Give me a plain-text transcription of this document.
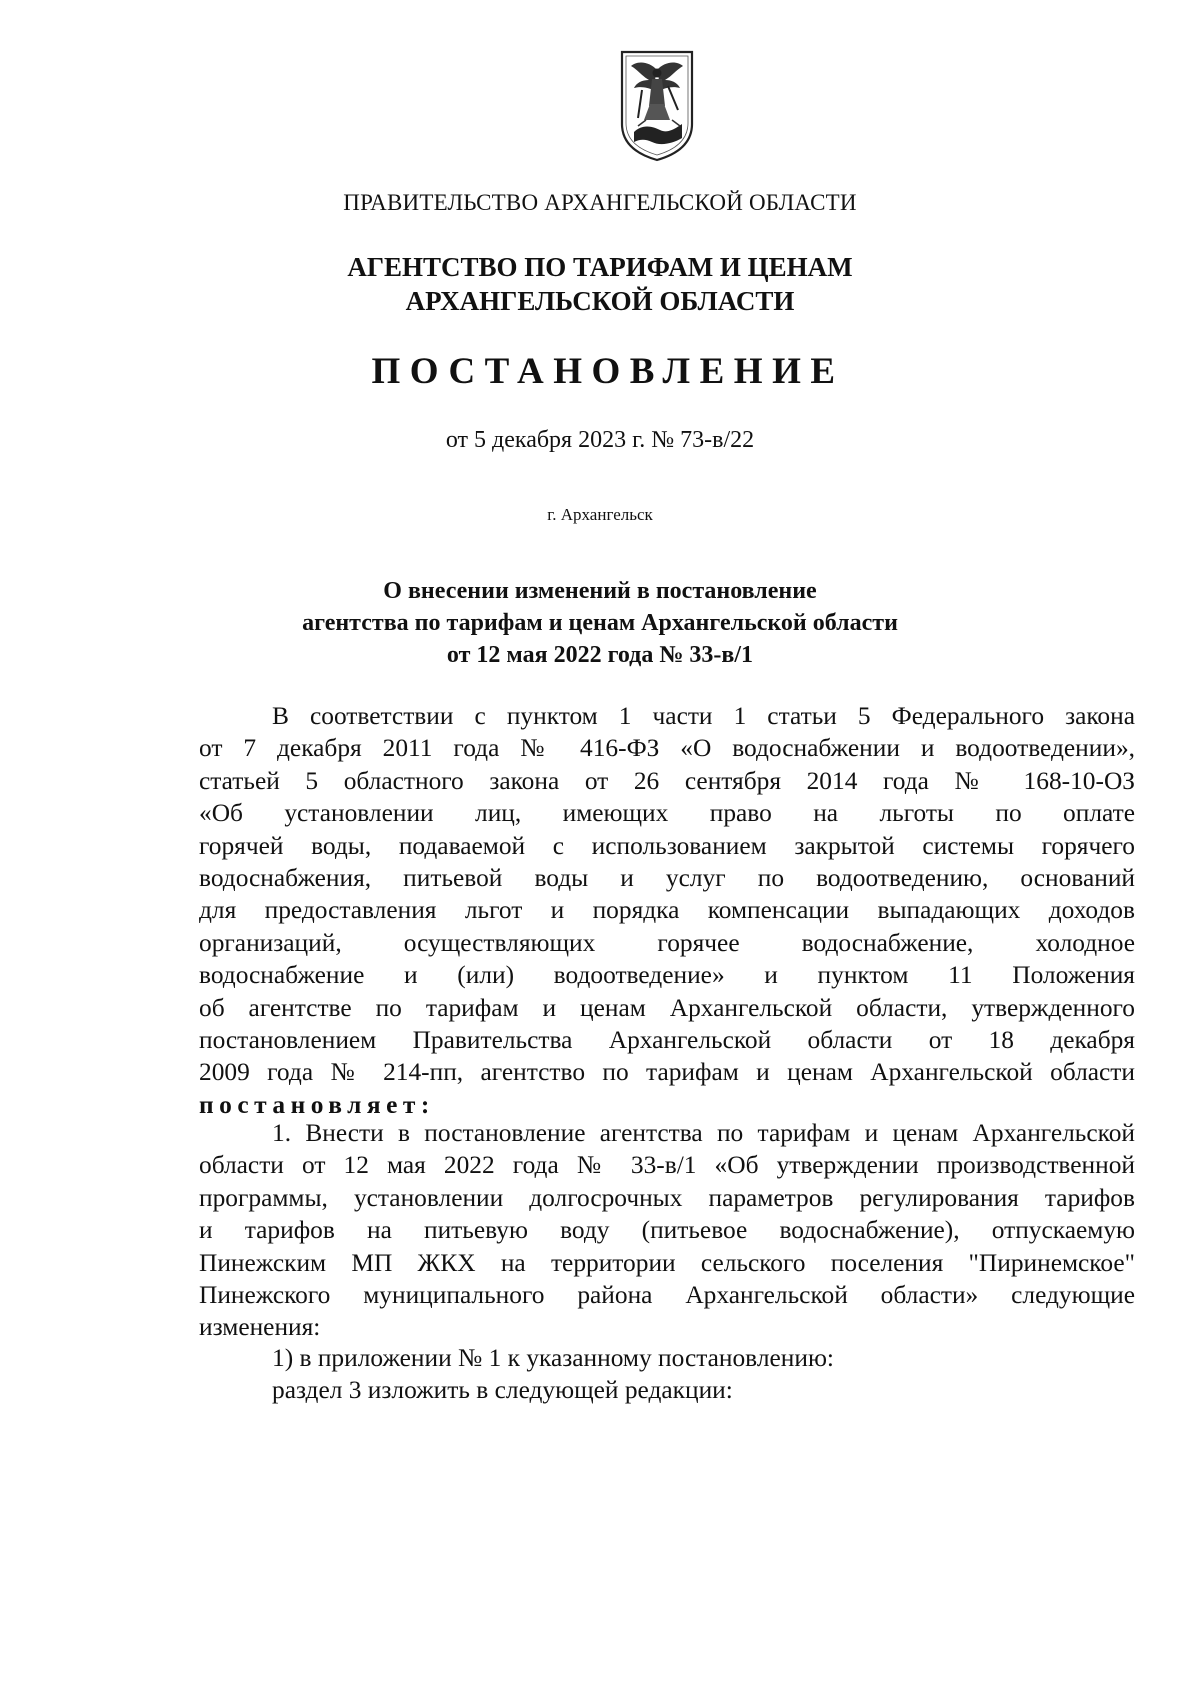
ПРАВИТЕЛЬСТВО АРХАНГЕЛЬСКОЙ ОБЛАСТИ
АГЕНТСТВО ПО ТАРИФАМ И ЦЕНАМ
АРХАНГЕЛЬСКОЙ ОБЛАСТИ
ПОСТАНОВЛЕНИЕ
от 5 декабря 2023 г. № 73-в/22
г. Архангельск
О внесении изменений в постановление
агентства по тарифам и ценам Архангельской области
от 12 мая 2022 года № 33-в/1
В соответствии с пунктом 1 части 1 статьи 5 Федерального закона
от 7 декабря 2011 года № 416-ФЗ «О водоснабжении и водоотведении»,
статьей 5 областного закона от 26 сентября 2014 года № 168-10-ОЗ
«Об установлении лиц, имеющих право на льготы по оплате
горячей воды, подаваемой с использованием закрытой системы горячего
водоснабжения, питьевой воды и услуг по водоотведению, оснований
для предоставления льгот и порядка компенсации выпадающих доходов
организаций, осуществляющих горячее водоснабжение, холодное
водоснабжение и (или) водоотведение» и пунктом 11 Положения
об агентстве по тарифам и ценам Архангельской области, утвержденного
постановлением Правительства Архангельской области от 18 декабря
2009 года № 214-пп, агентство по тарифам и ценам Архангельской области
постановляет:
1. Внести в постановление агентства по тарифам и ценам Архангельской
области от 12 мая 2022 года № 33-в/1 «Об утверждении производственной
программы, установлении долгосрочных параметров регулирования тарифов
и тарифов на питьевую воду (питьевое водоснабжение), отпускаемую
Пинежским МП ЖКХ на территории сельского поселения "Пиринемское"
Пинежского муниципального района Архангельской области» следующие
изменения:
1) в приложении № 1 к указанному постановлению:
раздел 3 изложить в следующей редакции:
